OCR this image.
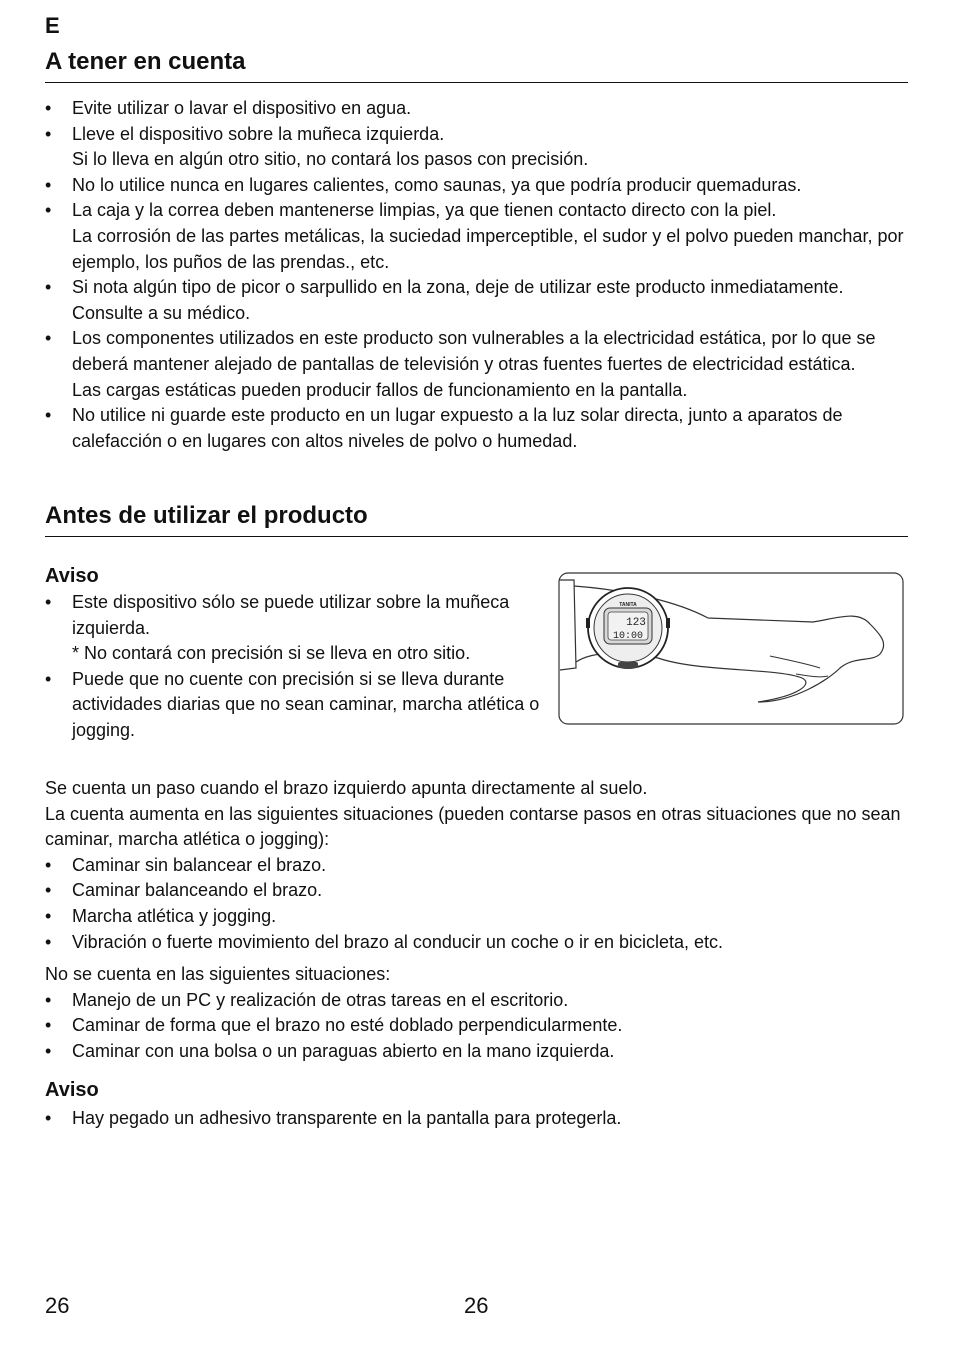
E
A tener en cuenta

• Evite utilizar o lavar el dispositivo en agua.

• Lleve el dispositivo sobre la muñeca izquierda.

Si lo lleva en algún otro sitio, no contará los pasos con precisión.

• No lo utilice nunca en lugares calientes, como saunas, ya que podría producir quemaduras.

• La caja y la correa deben mantenerse limpias, ya que tienen contacto directo con la piel.

La corrosión de las partes metálicas, la suciedad imperceptible, el sudor y el polvo pueden manchar, por ejemplo, los puños de las prendas., etc.

• Si nota algún tipo de picor o sarpullido en la zona, deje de utilizar este producto inmediatamente. Consulte a su médico.

• Los componentes utilizados en este producto son vulnerables a la electricidad estática, por lo que se deberá mantener alejado de pantallas de televisión y otras fuentes fuertes de electricidad estática.

Las cargas estáticas pueden producir fallos de funcionamiento en la pantalla.

• No utilice ni guarde este producto en un lugar expuesto a la luz solar directa, junto a aparatos de calefacción o en lugares con altos niveles de polvo o humedad.

Antes de utilizar el producto
Aviso

• Este dispositivo sólo se puede utilizar sobre la muñeca izquierda.

* No contará con precisión si se lleva en otro sitio.

• Puede que no cuente con precisión si se lleva durante actividades diarias que no sean caminar, marcha atlética o jogging.

TANITA
123
10:00

Se cuenta un paso cuando el brazo izquierdo apunta directamente al suelo.

La cuenta aumenta en las siguientes situaciones (pueden contarse pasos en otras situaciones que no sean caminar, marcha atlética o jogging):

• Caminar sin balancear el brazo.

• Caminar balanceando el brazo.

• Marcha atlética y jogging.

• Vibración o fuerte movimiento del brazo al conducir un coche o ir en bicicleta, etc.

No se cuenta en las siguientes situaciones:

• Manejo de un PC y realización de otras tareas en el escritorio.

• Caminar de forma que el brazo no esté doblado perpendicularmente.

• Caminar con una bolsa o un paraguas abierto en la mano izquierda.

Aviso

• Hay pegado un adhesivo transparente en la pantalla para protegerla.

26	26
